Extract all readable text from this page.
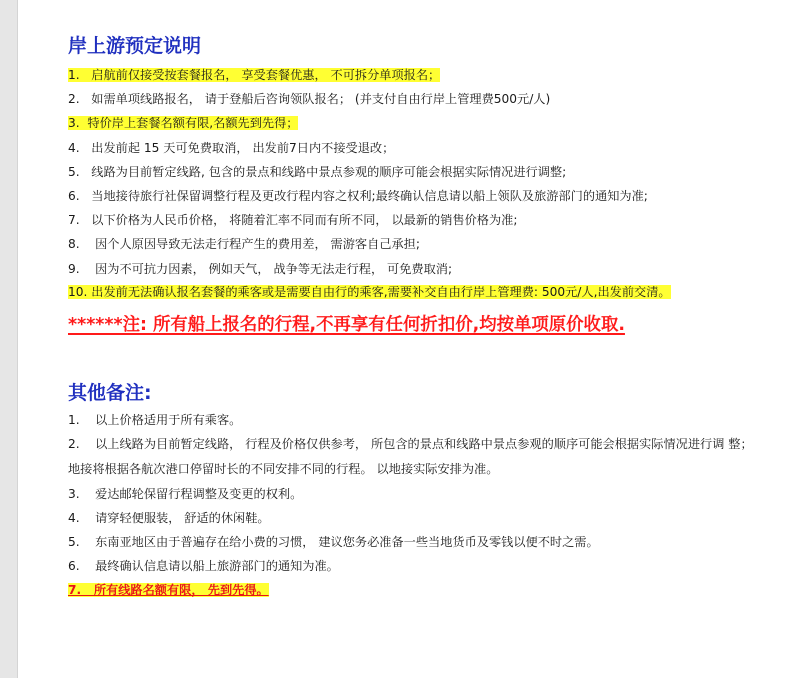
岸上游预定说明
1.   启航前仅接受按套餐报名， 享受套餐优惠， 不可拆分单项报名；
2.   如需单项线路报名， 请于登船后咨询领队报名； (并支付自由行岸上管理费500元/人)
3.  特价岸上套餐名额有限,名额先到先得；
4.   出发前起 15 天可免费取消， 出发前7日内不接受退改；
5.   线路为目前暂定线路, 包含的景点和线路中景点参观的顺序可能会根据实际情况进行调整;
6.   当地接待旅行社保留调整行程及更改行程内容之权利;最终确认信息请以船上领队及旅游部门的通知为准;
7.   以下价格为人民币价格， 将随着汇率不同而有所不同， 以最新的销售价格为准;
8.    因个人原因导致无法走行程产生的费用差， 需游客自己承担;
9.    因为不可抗力因素， 例如天气， 战争等无法走行程， 可免费取消;
10. 出发前无法确认报名套餐的乘客或是需要自由行的乘客,需要补交自由行岸上管理费: 500元/人,出发前交清。
******注: 所有船上报名的行程,不再享有任何折扣价,均按单项原价收取.
其他备注:
1.    以上价格适用于所有乘客。
2.    以上线路为目前暂定线路， 行程及价格仅供参考， 所包含的景点和线路中景点参观的顺序可能会根据实际情况进行调 整； 地接将根据各航次港口停留时长的不同安排不同的行程。 以地接实际安排为准。
3.    爱达邮轮保留行程调整及变更的权利。
4.    请穿轻便服装， 舒适的休闲鞋。
5.    东南亚地区由于普遍存在给小费的习惯， 建议您务必准备一些当地货币及零钱以便不时之需。
6.    最终确认信息请以船上旅游部门的通知为准。
7.   所有线路名额有限， 先到先得。
